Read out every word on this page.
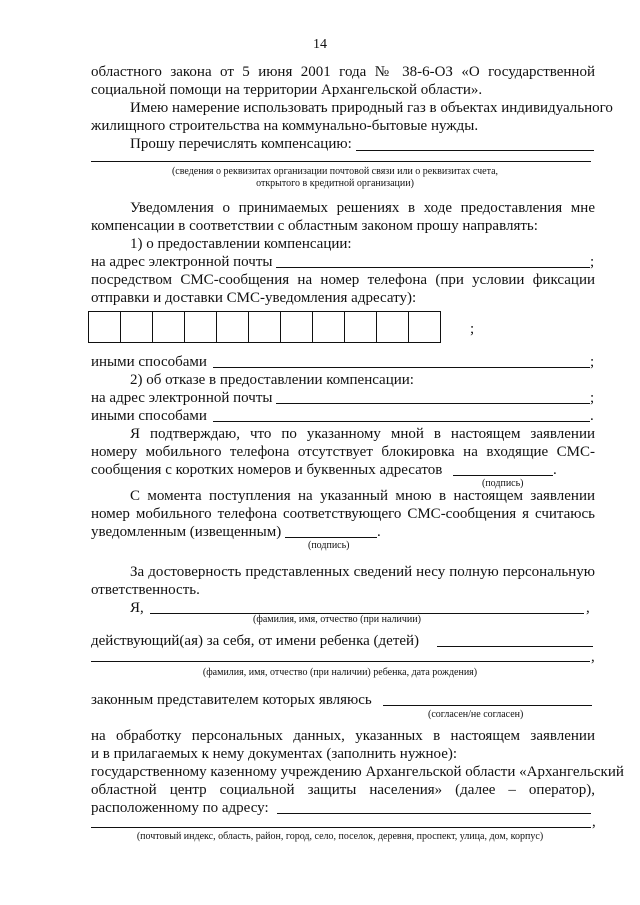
14
областного закона от 5 июня 2001 года № 38-6-ОЗ «О государственной
социальной помощи на территории Архангельской области».
Имею намерение использовать природный газ в объектах индивидуального
жилищного строительства на коммунально-бытовые нужды.
Прошу перечислять компенсацию:
(сведения о реквизитах организации почтовой связи или о реквизитах счета,
открытого в кредитной организации)
Уведомления о принимаемых решениях в ходе предоставления мне
компенсации в соответствии с областным законом прошу направлять:
1) о предоставлении компенсации:
на адрес электронной почты	;
посредством СМС-сообщения на номер телефона (при условии фиксации
отправки и доставки СМС-уведомления адресату):
;
иными способами	;
2) об отказе в предоставлении компенсации:
на адрес электронной почты	;
иными способами	.
Я подтверждаю, что по указанному мной в настоящем заявлении
номеру мобильного телефона отсутствует блокировка на входящие СМС-
сообщения с коротких номеров и буквенных адресатов	.
(подпись)
С момента поступления на указанный мною в настоящем заявлении
номер мобильного телефона соответствующего СМС-сообщения я считаюсь
уведомленным (извещенным)	.
(подпись)
За достоверность представленных сведений несу полную персональную
ответственность.
Я,	,
(фамилия, имя, отчество (при наличии)
действующий(ая) за себя, от имени ребенка (детей)
,
(фамилия, имя, отчество (при наличии) ребенка, дата рождения)
законным представителем которых являюсь
(согласен/не согласен)
на обработку персональных данных, указанных в настоящем заявлении
и в прилагаемых к нему документах (заполнить нужное):
государственному казенному учреждению Архангельской области «Архангельский
областной центр социальной защиты населения» (далее – оператор),
расположенному по адресу:
,
(почтовый индекс, область, район, город, село, поселок, деревня, проспект, улица, дом, корпус)
